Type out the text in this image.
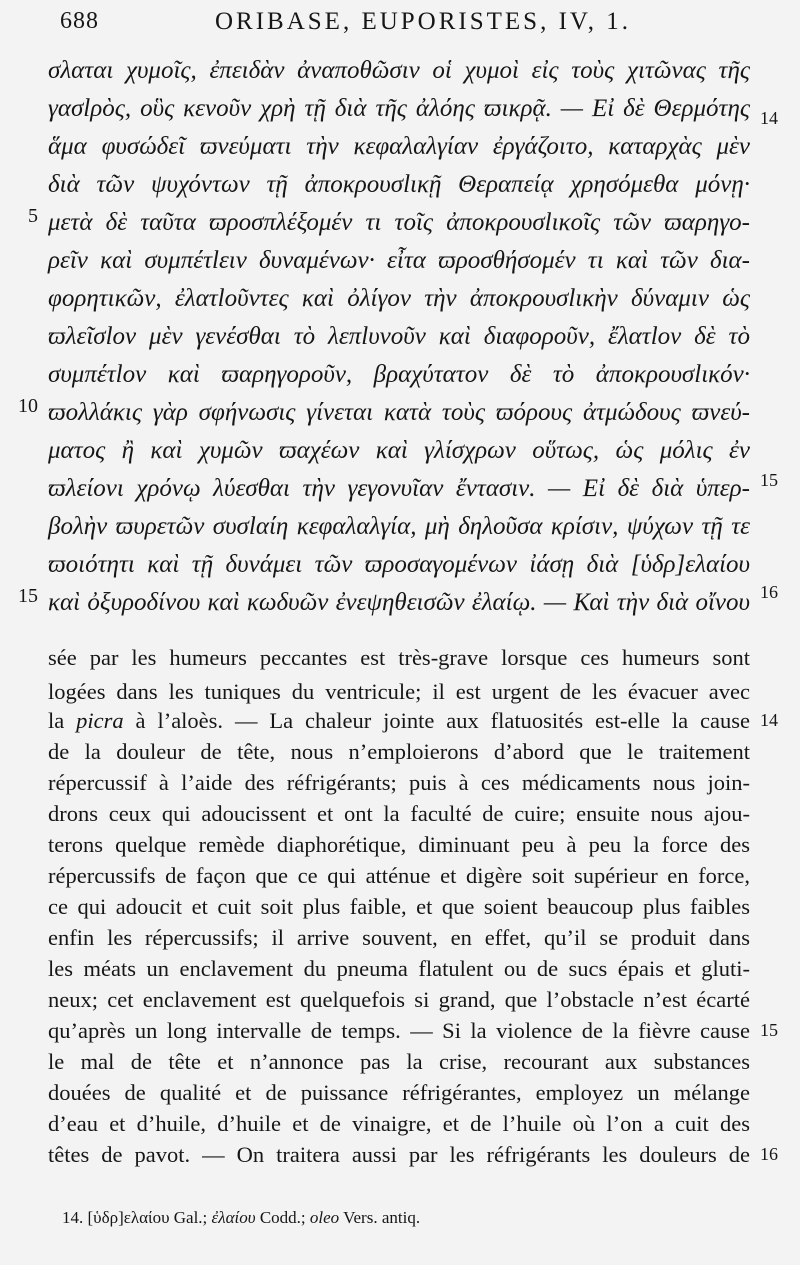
688	ORIBASE, EUPORISTES, IV, 1.
σλαται χυμοῖς, ἐπειδὰν ἀναποθῶσιν οἱ χυμοὶ εἰς τοὺς χιτῶνας τῆς
γασlρὸς, οὓς κενοῦν χρὴ τῇ διὰ τῆς ἀλόης ϖικρᾷ. — Εἰ δὲ Θερμότης
ἅμα φυσώδεῖ ϖνεύματι τὴν κεφαλαλγίαν ἐργάζοιτο, καταρχὰς μὲν
διὰ τῶν ψυχόντων τῇ ἀποκρουσlικῇ Θεραπείᾳ χρησόμεθα μόνῃ·
μετὰ δὲ ταῦτα ϖροσπλέξομέν τι τοῖς ἀποκρουσlικοῖς τῶν ϖαρηγο-
ρεῖν καὶ συμπέτlειν δυναμένων· εἶτα ϖροσθήσομέν τι καὶ τῶν δια-
φορητικῶν, ἐλατlοῦντες καὶ ὀλίγον τὴν ἀποκρουσlικὴν δύναμιν ὡς
ϖλεῖσlον μὲν γενέσθαι τὸ λεπlυνοῦν καὶ διαφοροῦν, ἔλατlον δὲ τὸ
συμπέτlον καὶ ϖαρηγοροῦν, βραχύτατον δὲ τὸ ἀποκρουσlικόν·
ϖολλάκις γὰρ σφήνωσις γίνεται κατὰ τοὺς ϖόρους ἀτμώδους ϖνεύ-
ματος ἢ καὶ χυμῶν ϖαχέων καὶ γλίσχρων οὕτως, ὡς μόλις ἐν
ϖλείονι χρόνῳ λύεσθαι τὴν γεγονυῖαν ἔντασιν. — Εἰ δὲ διὰ ὑπερ-
βολὴν ϖυρετῶν συσlαίη κεφαλαλγία, μὴ δηλοῦσα κρίσιν, ψύχων τῇ τε
ϖοιότητι καὶ τῇ δυνάμει τῶν ϖροσαγομένων ἰάσῃ διὰ [ὑδρ]ελαίου
καὶ ὀξυροδίνου καὶ κωδυῶν ἐνεψηθεισῶν ἐλαίῳ. — Καὶ τὴν διὰ οἴνου
5
10
15
14
15
16
sée par les humeurs peccantes est très-grave lorsque ces humeurs sont
logées dans les tuniques du ventricule; il est urgent de les évacuer avec
la picra à l’aloès. — La chaleur jointe aux flatuosités est-elle la cause
de la douleur de tête, nous n’emploierons d’abord que le traitement
répercussif à l’aide des réfrigérants; puis à ces médicaments nous join-
drons ceux qui adoucissent et ont la faculté de cuire; ensuite nous ajou-
terons quelque remède diaphorétique, diminuant peu à peu la force des
répercussifs de façon que ce qui atténue et digère soit supérieur en force,
ce qui adoucit et cuit soit plus faible, et que soient beaucoup plus faibles
enfin les répercussifs; il arrive souvent, en effet, qu’il se produit dans
les méats un enclavement du pneuma flatulent ou de sucs épais et gluti-
neux; cet enclavement est quelquefois si grand, que l’obstacle n’est écarté
qu’après un long intervalle de temps. — Si la violence de la fièvre cause
le mal de tête et n’annonce pas la crise, recourant aux substances
douées de qualité et de puissance réfrigérantes, employez un mélange
d’eau et d’huile, d’huile et de vinaigre, et de l’huile où l’on a cuit des
têtes de pavot. — On traitera aussi par les réfrigérants les douleurs de
14
15
16
14. [ὑδρ]ελαίου Gal.; ἐλαίου Codd.; oleo Vers. antiq.
